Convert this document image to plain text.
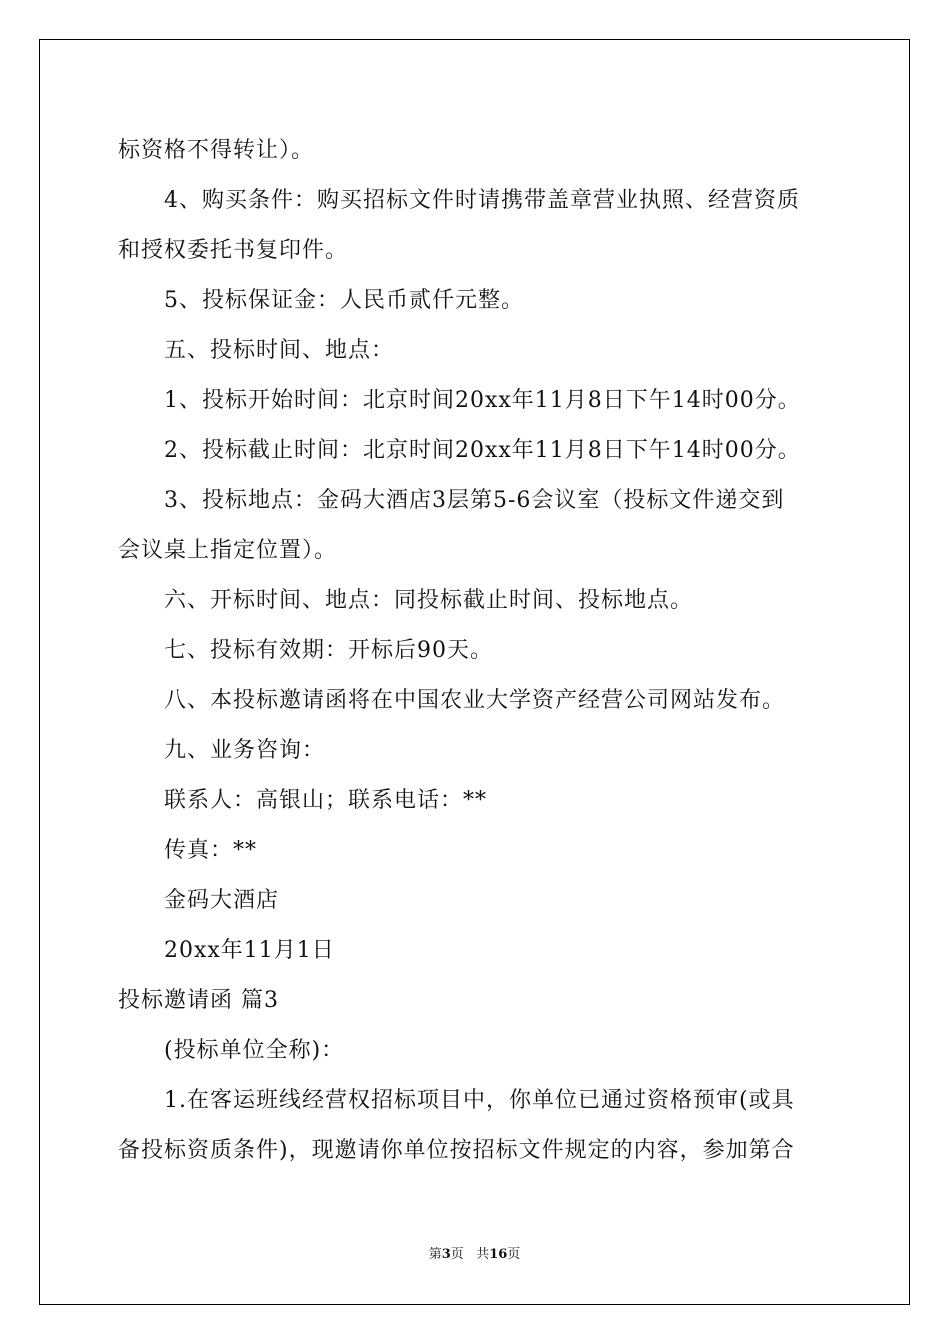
标资格不得转让）。

4、购买条件：购买招标文件时请携带盖章营业执照、经营资质

和授权委托书复印件。

5、投标保证金：人民币贰仟元整。

五、投标时间、地点：

1、投标开始时间：北京时间20xx年11月8日下午14时00分。

2、投标截止时间：北京时间20xx年11月8日下午14时00分。

3、投标地点：金码大酒店3层第5-6会议室（投标文件递交到

会议桌上指定位置）。

六、开标时间、地点：同投标截止时间、投标地点。

七、投标有效期：开标后90天。

八、本投标邀请函将在中国农业大学资产经营公司网站发布。

九、业务咨询：

联系人：高银山；联系电话：**

传真：**

金码大酒店

20xx年11月1日

投标邀请函 篇3

(投标单位全称)：

1.在客运班线经营权招标项目中，你单位已通过资格预审(或具

备投标资质条件)，现邀请你单位按招标文件规定的内容，参加第合

第3页 共16页
